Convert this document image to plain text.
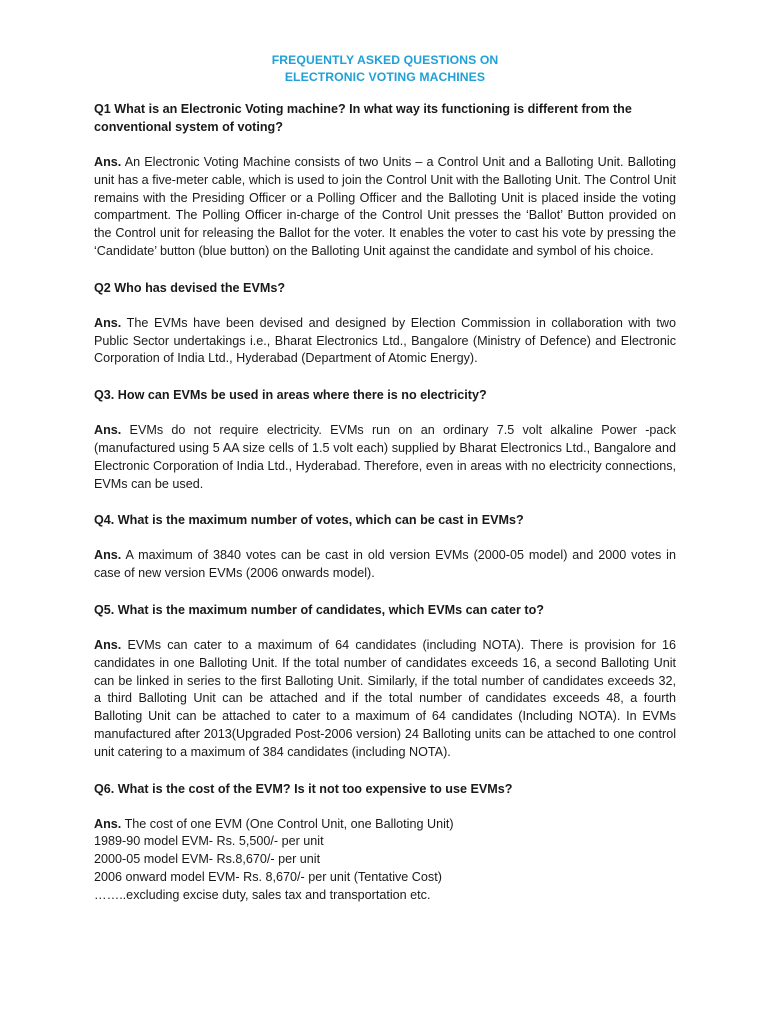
FREQUENTLY ASKED QUESTIONS ON
ELECTRONIC VOTING MACHINES
Q1 What is an Electronic Voting machine? In what way its functioning is different from the conventional system of voting?
Ans. An Electronic Voting Machine consists of two Units – a Control Unit and a Balloting Unit. Balloting unit has a five-meter cable, which is used to join the Control Unit with the Balloting Unit. The Control Unit remains with the Presiding Officer or a Polling Officer and the Balloting Unit is placed inside the voting compartment. The Polling Officer in-charge of the Control Unit presses the ‘Ballot’ Button provided on the Control unit for releasing the Ballot for the voter. It enables the voter to cast his vote by pressing the ‘Candidate’ button (blue button) on the Balloting Unit against the candidate and symbol of his choice.
Q2 Who has devised the EVMs?
Ans. The EVMs have been devised and designed by Election Commission in collaboration with two Public Sector undertakings i.e., Bharat Electronics Ltd., Bangalore (Ministry of Defence) and Electronic Corporation of India Ltd., Hyderabad (Department of Atomic Energy).
Q3. How can EVMs be used in areas where there is no electricity?
Ans. EVMs do not require electricity. EVMs run on an ordinary 7.5 volt alkaline Power -pack (manufactured using 5 AA size cells of 1.5 volt each) supplied by Bharat Electronics Ltd., Bangalore and Electronic Corporation of India Ltd., Hyderabad. Therefore, even in areas with no electricity connections, EVMs can be used.
Q4. What is the maximum number of votes, which can be cast in EVMs?
Ans. A maximum of 3840 votes can be cast in old version EVMs (2000-05 model) and 2000 votes in case of new version EVMs (2006 onwards model).
Q5. What is the maximum number of candidates, which EVMs can cater to?
Ans. EVMs can cater to a maximum of 64 candidates (including NOTA). There is provision for 16 candidates in one Balloting Unit. If the total number of candidates exceeds 16, a second Balloting Unit can be linked in series to the first Balloting Unit. Similarly, if the total number of candidates exceeds 32, a third Balloting Unit can be attached and if the total number of candidates exceeds 48, a fourth Balloting Unit can be attached to cater to a maximum of 64 candidates (Including NOTA). In EVMs manufactured after 2013(Upgraded Post-2006 version) 24 Balloting units can be attached to one control unit catering to a maximum of 384 candidates (including NOTA).
Q6. What is the cost of the EVM? Is it not too expensive to use EVMs?
Ans. The cost of one EVM (One Control Unit, one Balloting Unit)
1989-90 model EVM- Rs. 5,500/- per unit
2000-05 model EVM- Rs.8,670/- per unit
2006 onward model EVM- Rs. 8,670/- per unit (Tentative Cost)
……..excluding excise duty, sales tax and transportation etc.
